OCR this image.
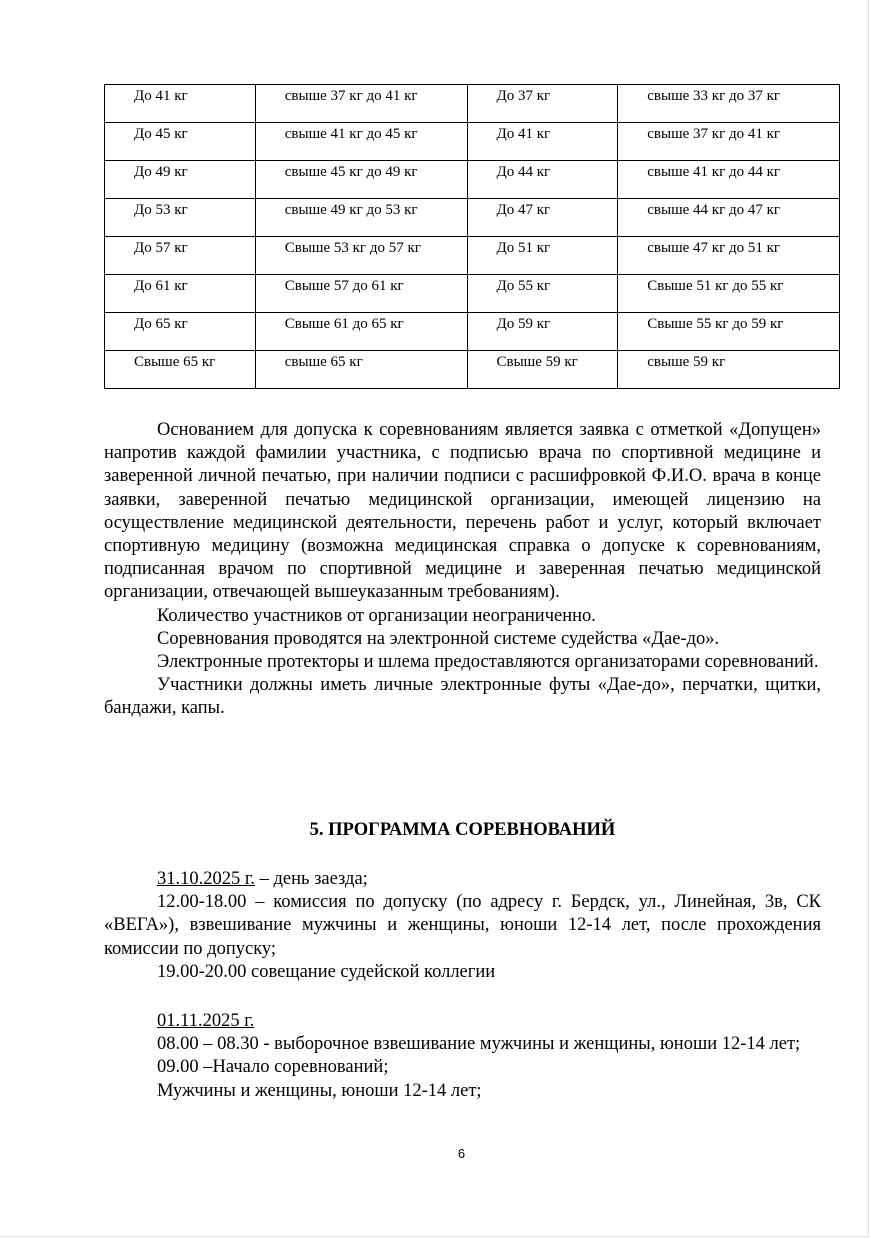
До 41 кг	свыше 37 кг до 41 кг	До 37 кг	свыше 33 кг до 37 кг
До 45 кг	свыше 41 кг до 45 кг	До 41 кг	свыше 37 кг до 41 кг
До 49 кг	свыше 45 кг до 49 кг	До 44 кг	свыше 41 кг до 44 кг
До 53 кг	свыше 49 кг до 53 кг	До 47 кг	свыше 44 кг до 47 кг
До 57 кг	Свыше 53 кг до 57 кг	До 51 кг	свыше 47 кг до 51 кг
До 61 кг	Свыше 57 до 61 кг	До 55 кг	Свыше 51 кг до 55 кг
До 65 кг	Свыше 61 до 65 кг	До 59 кг	Свыше 55 кг до 59 кг
Свыше 65 кг	свыше 65 кг	Свыше 59 кг	свыше 59 кг

Основанием для допуска к соревнованиям является заявка с отметкой «Допущен» напротив каждой фамилии участника, с подписью врача по спортивной медицине и заверенной личной печатью, при наличии подписи с расшифровкой Ф.И.О. врача в конце заявки, заверенной печатью медицинской организации, имеющей лицензию на осуществление медицинской деятельности, перечень работ и услуг, который включает спортивную медицину (возможна медицинская справка о допуске к соревнованиям, подписанная врачом по спортивной медицине и заверенная печатью медицинской организации, отвечающей вышеуказанным требованиям).

Количество участников от организации неограниченно.

Соревнования проводятся на электронной системе судейства «Дае-до».

Электронные протекторы и шлема предоставляются организаторами соревнований.

Участники должны иметь личные электронные футы «Дае-до», перчатки, щитки, бандажи, капы.

5. ПРОГРАММА СОРЕВНОВАНИЙ

31.10.2025 г. – день заезда;

12.00-18.00 – комиссия по допуску (по адресу г. Бердск, ул., Линейная, 3в, СК «ВЕГА»), взвешивание мужчины и женщины, юноши 12-14 лет, после прохождения комиссии по допуску;

19.00-20.00 совещание судейской коллегии

01.11.2025 г.

08.00 – 08.30 - выборочное взвешивание мужчины и женщины, юноши 12-14 лет;

09.00 –Начало соревнований;

Мужчины и женщины, юноши 12-14 лет;

6
